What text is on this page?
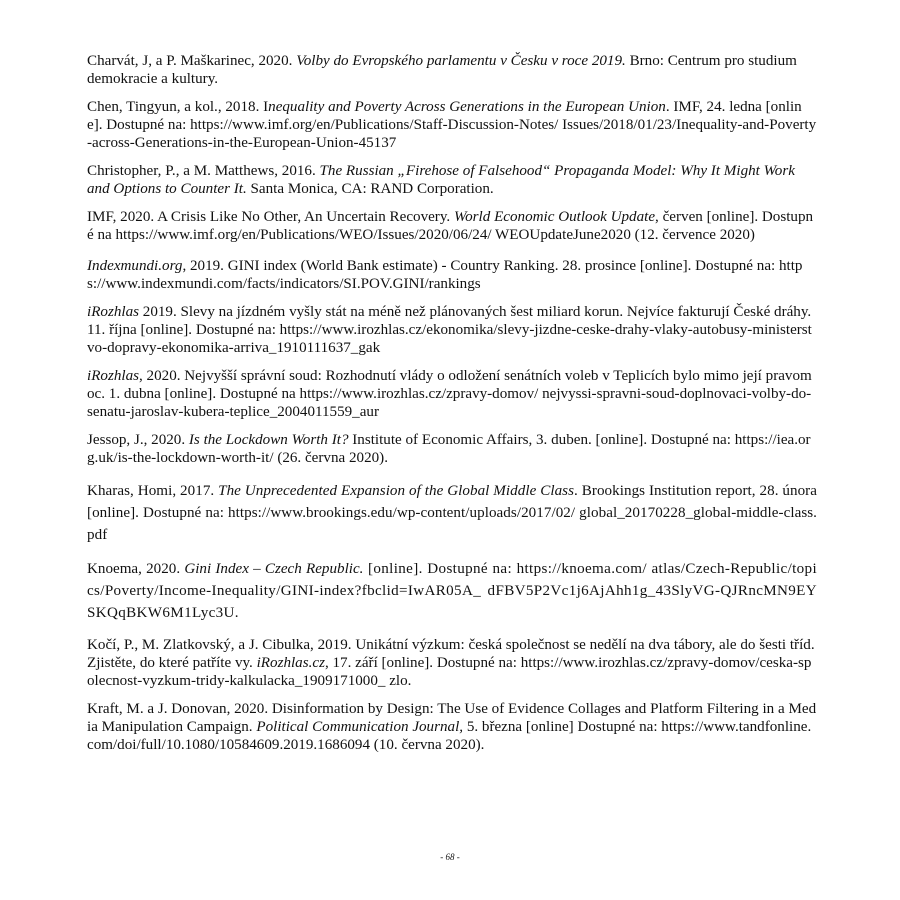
Charvát, J, a P. Maškarinec, 2020. Volby do Evropského parlamentu v Česku v roce 2019. Brno: Centrum pro studium demokracie a kultury.

Chen, Tingyun, a kol., 2018. Inequality and Poverty Across Generations in the European Union. IMF, 24. ledna [online]. Dostupné na: https://www.imf.org/en/Publications/Staff-Discussion-Notes/ Issues/2018/01/23/Inequality-and-Poverty-across-Generations-in-the-European-Union-45137

Christopher, P., a M. Matthews, 2016. The Russian „Firehose of Falsehood“ Propaganda Model: Why It Might Work and Options to Counter It. Santa Monica, CA: RAND Corporation.

IMF, 2020. A Crisis Like No Other, An Uncertain Recovery. World Economic Outlook Update, červen [online]. Dostupné na https://www.imf.org/en/Publications/WEO/Issues/2020/06/24/ WEOUpdateJune2020 (12. července 2020)

Indexmundi.org, 2019. GINI index (World Bank estimate) - Country Ranking. 28. prosince [online]. Dostupné na: https://www.indexmundi.com/facts/indicators/SI.POV.GINI/rankings

iRozhlas 2019. Slevy na jízdném vyšly stát na méně než plánovaných šest miliard korun. Nejvíce fakturují České dráhy. 11. října [online]. Dostupné na: https://www.irozhlas.cz/ekonomika/slevy-jizdne-ceske-drahy-vlaky-autobusy-ministerstvo-dopravy-ekonomika-arriva_1910111637_gak

iRozhlas, 2020. Nejvyšší správní soud: Rozhodnutí vlády o odložení senátních voleb v Teplicích bylo mimo její pravomoc. 1. dubna [online]. Dostupné na https://www.irozhlas.cz/zpravy-domov/ nejvyssi-spravni-soud-doplnovaci-volby-do-senatu-jaroslav-kubera-teplice_2004011559_aur

Jessop, J., 2020. Is the Lockdown Worth It? Institute of Economic Affairs, 3. duben. [online]. Dostupné na: https://iea.org.uk/is-the-lockdown-worth-it/ (26. června 2020).

Kharas, Homi, 2017. The Unprecedented Expansion of the Global Middle Class. Brookings Institution report, 28. února [online]. Dostupné na: https://www.brookings.edu/wp-content/uploads/2017/02/ global_20170228_global-middle-class.pdf

Knoema, 2020. Gini Index – Czech Republic. [online]. Dostupné na: https://knoema.com/ atlas/Czech-Republic/topics/Poverty/Income-Inequality/GINI-index?fbclid=IwAR05A_ dFBV5P2Vc1j6AjAhh1g_43SlyVG-QJRncMN9EYSKQqBKW6M1Lyc3U.

Kočí, P., M. Zlatkovský, a J. Cibulka, 2019. Unikátní výzkum: česká společnost se nedělí na dva tábory, ale do šesti tříd. Zjistěte, do které patříte vy. iRozhlas.cz, 17. září [online]. Dostupné na: https://www.irozhlas.cz/zpravy-domov/ceska-spolecnost-vyzkum-tridy-kalkulacka_1909171000_ zlo.

Kraft, M. a J. Donovan, 2020. Disinformation by Design: The Use of Evidence Collages and Platform Filtering in a Media Manipulation Campaign. Political Communication Journal, 5. března [online] Dostupné na: https://www.tandfonline.com/doi/full/10.1080/10584609.2019.1686094 (10. června 2020).

- 68 -
